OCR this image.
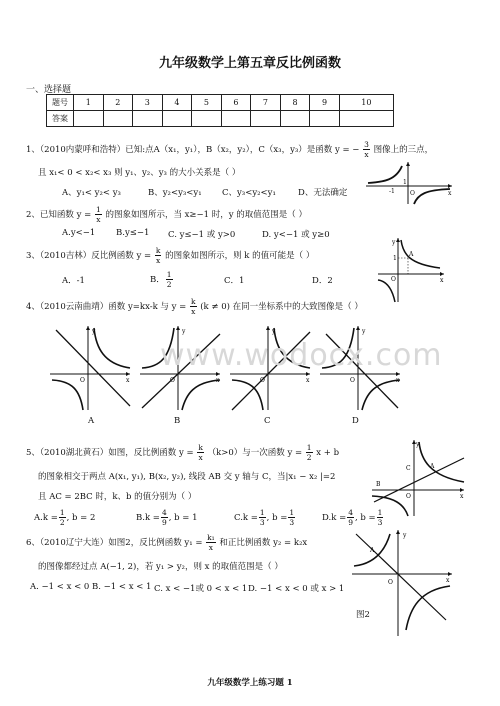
九年级数学上第五章反比例函数
一、选择题
题号	1	2	3	4	5	6	7	8	9	10
答案										
1、（2010内蒙呼和浩特）已知:点A（x₁，y₁），B（x₂，y₂），C（x₃，y₃）是函数 y = − $\frac{3}{x}$ 图像上的三点，
且 x₁< 0 < x₂< x₃ 则 y₁、y₂、y₃ 的大小关系是（ ）
A、y₁< y₂< y₃	B、y₂<y₃<y₁ C、y₃<y₂<y₁	D、无法确定	-1	O
1
x
2、已知函数 $y = \frac{1}{x}$ 的图象如图所示，当 x≥−1 时，y 的取值范围是（ ）
A.y<−1 B.y≤−1 C. y≤−1 或 y>0	D. y<−1 或 y≥0
3、（2010吉林）反比例函数 $y = \frac{k}{x}$ 的图象如图所示，则 k 的值可能是（ ）
A．-1	B． $\frac{1}{2}$	C．1	D．2
y
1
A
O	x
4、（2010云南曲靖）函数 y=kx-k 与 $y = \frac{k}{x} (k \ne 0)$ 在同一坐标系中的大致图像是（ ）
y
O	x
y
O	x
y
O	x
y
O	x
A	B	C	D
www.wodocx.com
5、（2010湖北黄石）如图，反比例函数 $y = \frac{k}{x} (k>0)$与一次函数 $y = \frac{1}{2}$ x + b
的图象相交于两点 A(x₁, y₁), B(x₂, y₂), 线段 AB 交 y 轴与 C，当|x₁ − x₂ |=2
且 AC = 2BC 时，k、b 的值分别为（ ）
$A.k = \frac{1}{2}$ , b = 2	$B.k = \frac{4}{9}$ , b = 1	$C.k = \frac{1}{3}$ , $b = \frac{1}{3}$	$D.k = \frac{4}{9}$ , $b = \frac{1}{3}$
y
C	A
B
O	x
6、（2010辽宁大连）如图2，反比例函数 $y_1 = \frac{\text{k₁}}{x}$ 和正比例函数 y₂ = k₂x
的图像都经过点 A(−1, 2)，若 y₁ > y₂，则 x 的取值范围是（ ）
A. −1 < x < 0 B. −1 < x < 1 C. x < −1或 0 < x < 1 D. −1 < x < 0 或 x > 1
y
A
O	x
图2
九年级数学上练习题 1
